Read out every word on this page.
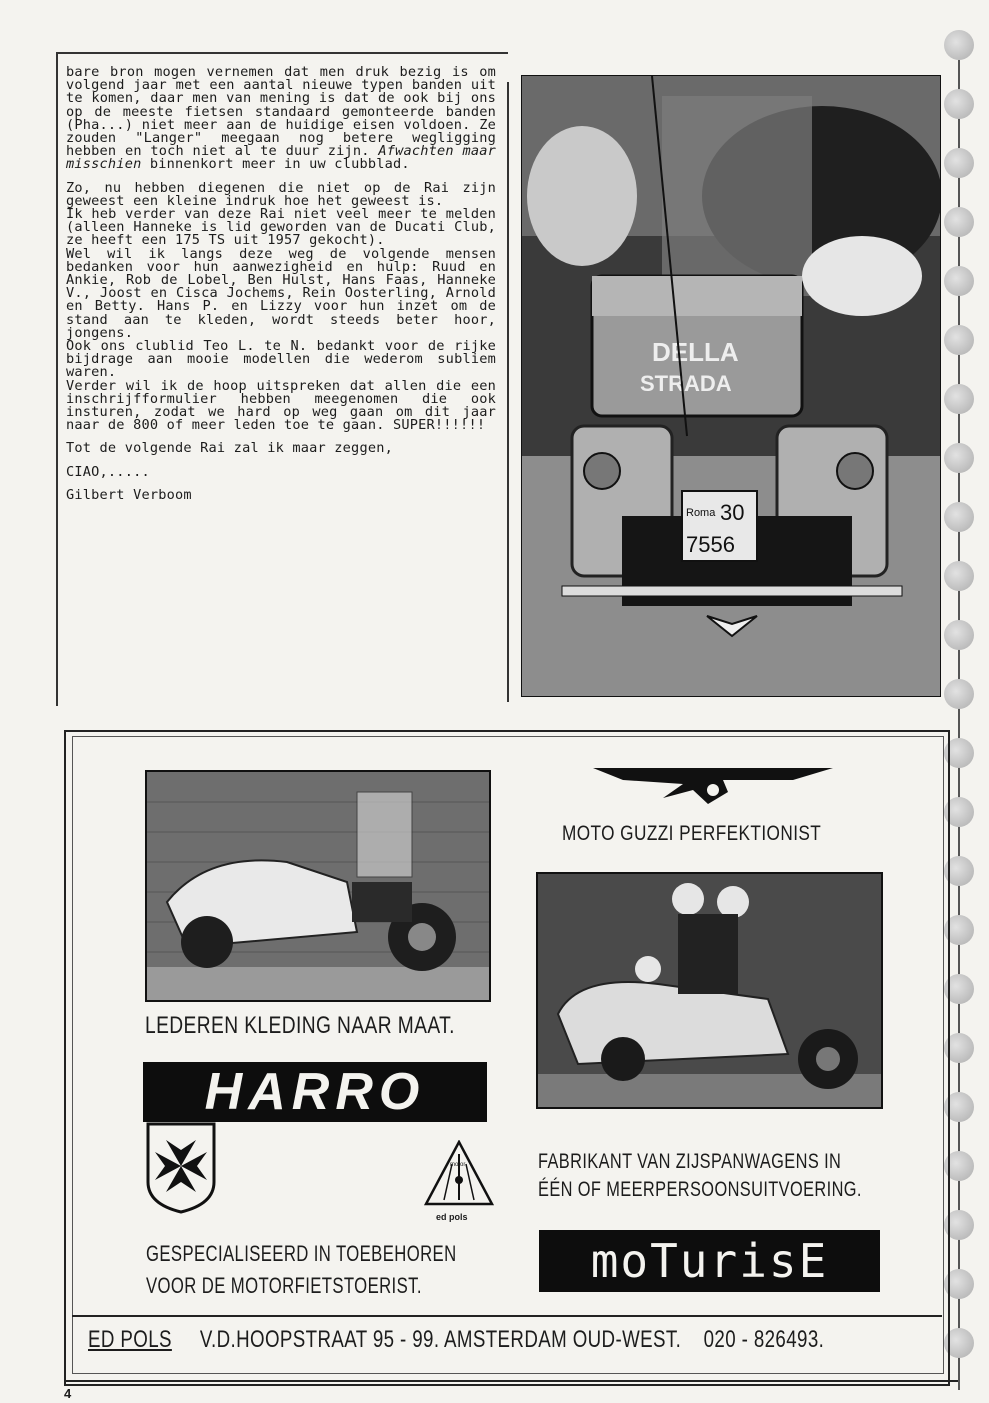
bare bron mogen vernemen dat men druk bezig is om volgend jaar met een aantal nieuwe typen banden uit te komen, daar men van mening is dat de ook bij ons op de meeste fietsen standaard gemonteerde banden (Pha...) niet meer aan de huidige eisen voldoen. Ze zouden "Langer" meegaan nog betere wegligging hebben en toch niet al te duur zijn. Afwachten maar misschien binnenkort meer in uw clubblad.

Zo, nu hebben diegenen die niet op de Rai zijn geweest een kleine indruk hoe het geweest is.

Ik heb verder van deze Rai niet veel meer te melden (alleen Hanneke is lid geworden van de Ducati Club, ze heeft een 175 TS uit 1957 gekocht).

Wel wil ik langs deze weg de volgende mensen bedanken voor hun aanwezigheid en hulp: Ruud en Ankie, Rob de Lobel, Ben Hulst, Hans Faas, Hanneke V., Joost en Cisca Jochems, Rein Oosterling, Arnold en Betty. Hans P. en Lizzy voor hun inzet om de stand aan te kleden, wordt steeds beter hoor, jongens.

Ook ons clublid Teo L. te N. bedankt voor de rijke bijdrage aan mooie modellen die wederom subliem waren.

Verder wil ik de hoop uitspreken dat allen die een inschrijfformulier hebben meegenomen die ook insturen, zodat we hard op weg gaan om dit jaar naar de 800 of meer leden toe te gaan. SUPER!!!!!!

Tot de volgende Rai zal ik maar zeggen,

CIAO,.....

Gilbert Verboom

DELLA
STRADA
Roma 30
7556
MOTO GUZZI PERFEKTIONIST
LEDEREN KLEDING NAAR MAAT.
HARRO
motor
ed pols
FABRIKANT VAN ZIJSPANWAGENS IN
ÉÉN OF MEERPERSOONSUITVOERING.
GESPECIALISEERD IN TOEBEHOREN
VOOR DE MOTORFIETSTOERIST.	moTurisE
ED POLS V.D.HOOPSTRAAT 95 - 99. AMSTERDAM OUD-WEST. 020 - 826493.
4
